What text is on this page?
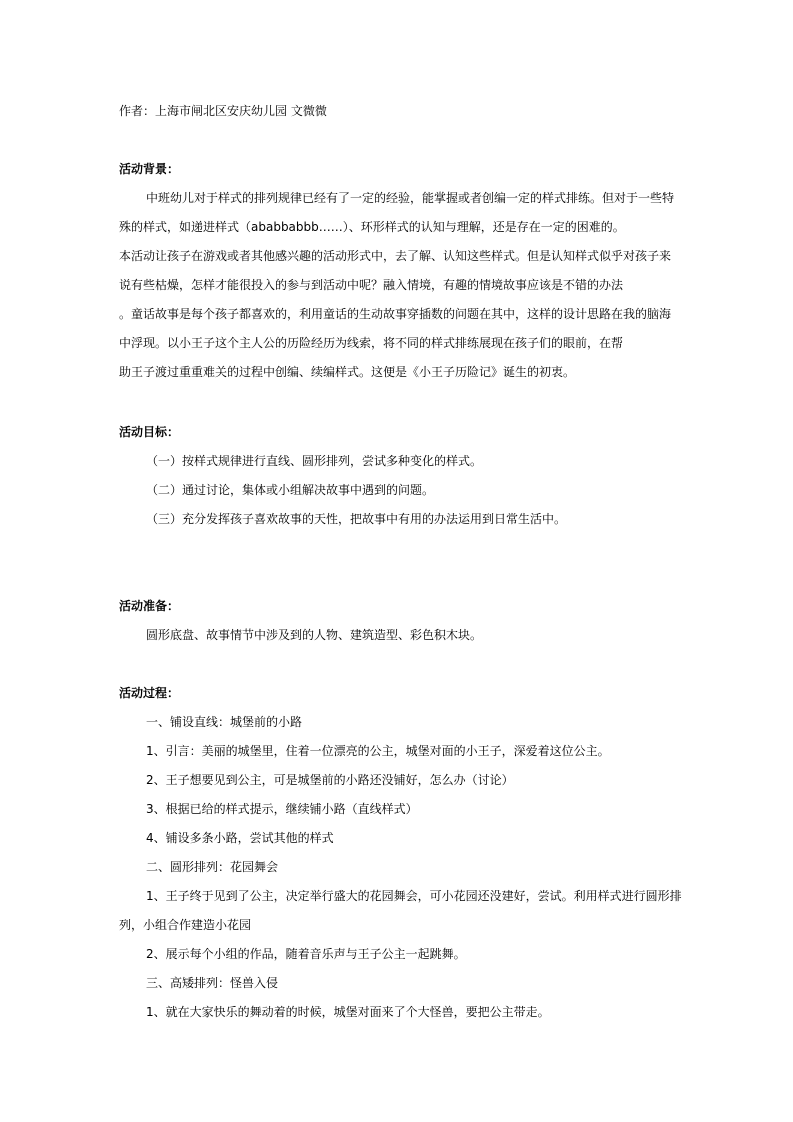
作者：上海市闸北区安庆幼儿园 文微微
活动背景：
中班幼儿对于样式的排列规律已经有了一定的经验，能掌握或者创编一定的样式排练。但对于一些特
殊的样式，如递进样式（ababbabbb……）、环形样式的认知与理解，还是存在一定的困难的。
本活动让孩子在游戏或者其他感兴趣的活动形式中，去了解、认知这些样式。但是认知样式似乎对孩子来
说有些枯燥，怎样才能很投入的参与到活动中呢？融入情境，有趣的情境故事应该是不错的办法
。童话故事是每个孩子都喜欢的，利用童话的生动故事穿插数的问题在其中，这样的设计思路在我的脑海
中浮现。以小王子这个主人公的历险经历为线索，将不同的样式排练展现在孩子们的眼前，在帮
助王子渡过重重难关的过程中创编、续编样式。这便是《小王子历险记》诞生的初衷。
活动目标：
（一）按样式规律进行直线、圆形排列，尝试多种变化的样式。
（二）通过讨论，集体或小组解决故事中遇到的问题。
（三）充分发挥孩子喜欢故事的天性，把故事中有用的办法运用到日常生活中。
活动准备：
圆形底盘、故事情节中涉及到的人物、建筑造型、彩色积木块。
活动过程：
一、铺设直线：城堡前的小路
1、引言：美丽的城堡里，住着一位漂亮的公主，城堡对面的小王子，深爱着这位公主。
2、王子想要见到公主，可是城堡前的小路还没铺好，怎么办（讨论）
3、根据已给的样式提示，继续铺小路（直线样式）
4、铺设多条小路，尝试其他的样式
二、圆形排列：花园舞会
1、王子终于见到了公主，决定举行盛大的花园舞会，可小花园还没建好，尝试。利用样式进行圆形排
列，小组合作建造小花园
2、展示每个小组的作品，随着音乐声与王子公主一起跳舞。
三、高矮排列：怪兽入侵
1、就在大家快乐的舞动着的时候，城堡对面来了个大怪兽，要把公主带走。
